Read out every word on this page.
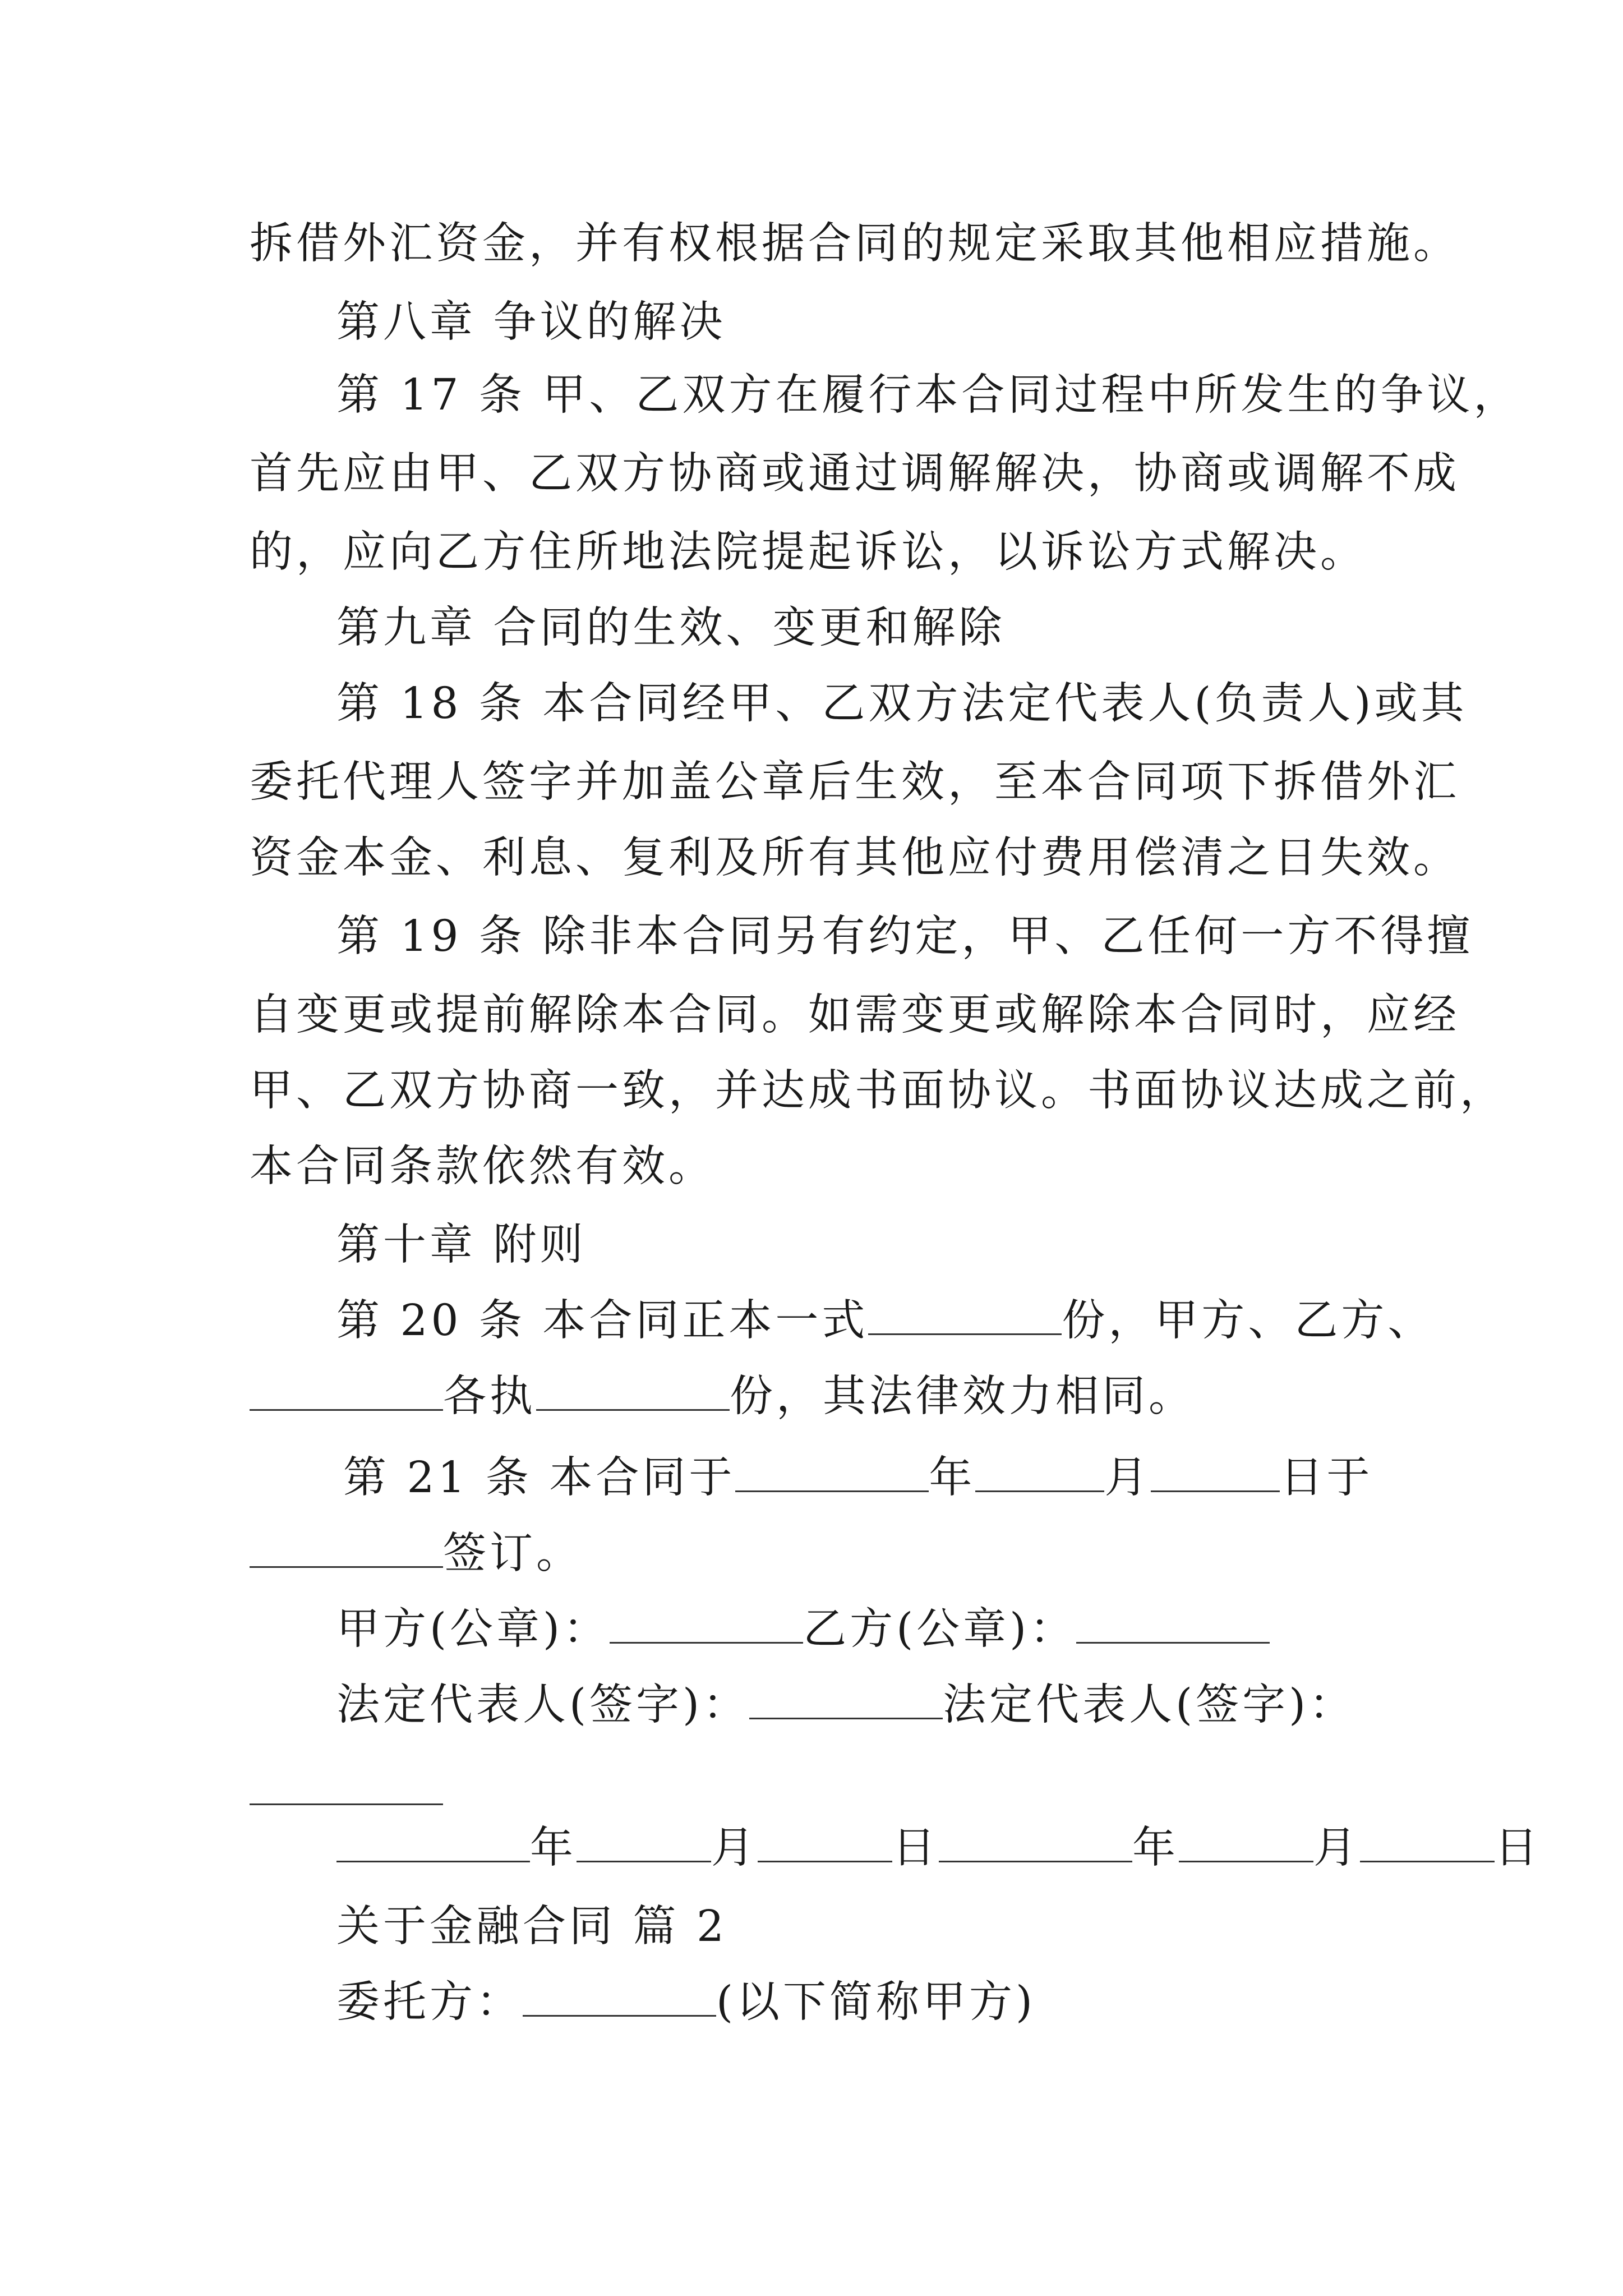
拆借外汇资金，并有权根据合同的规定采取其他相应措施。
第八章 争议的解决
第 17 条 甲、乙双方在履行本合同过程中所发生的争议，
首先应由甲、乙双方协商或通过调解解决，协商或调解不成
的，应向乙方住所地法院提起诉讼，以诉讼方式解决。
第九章 合同的生效、变更和解除
第 18 条 本合同经甲、乙双方法定代表人(负责人)或其
委托代理人签字并加盖公章后生效，至本合同项下拆借外汇
资金本金、利息、复利及所有其他应付费用偿清之日失效。
第 19 条 除非本合同另有约定，甲、乙任何一方不得擅
自变更或提前解除本合同。如需变更或解除本合同时，应经
甲、乙双方协商一致，并达成书面协议。书面协议达成之前，
本合同条款依然有效。
第十章 附则
第 20 条 本合同正本一式	份，甲方、乙方、
各执	份，其法律效力相同。
第 21 条 本合同于	年	月	日于
签订。
甲方(公章)：	乙方(公章)：
法定代表人(签字)：	法定代表人(签字)：
年	月	日	年	月	日
关于金融合同 篇 2
委托方：	(以下简称甲方)
